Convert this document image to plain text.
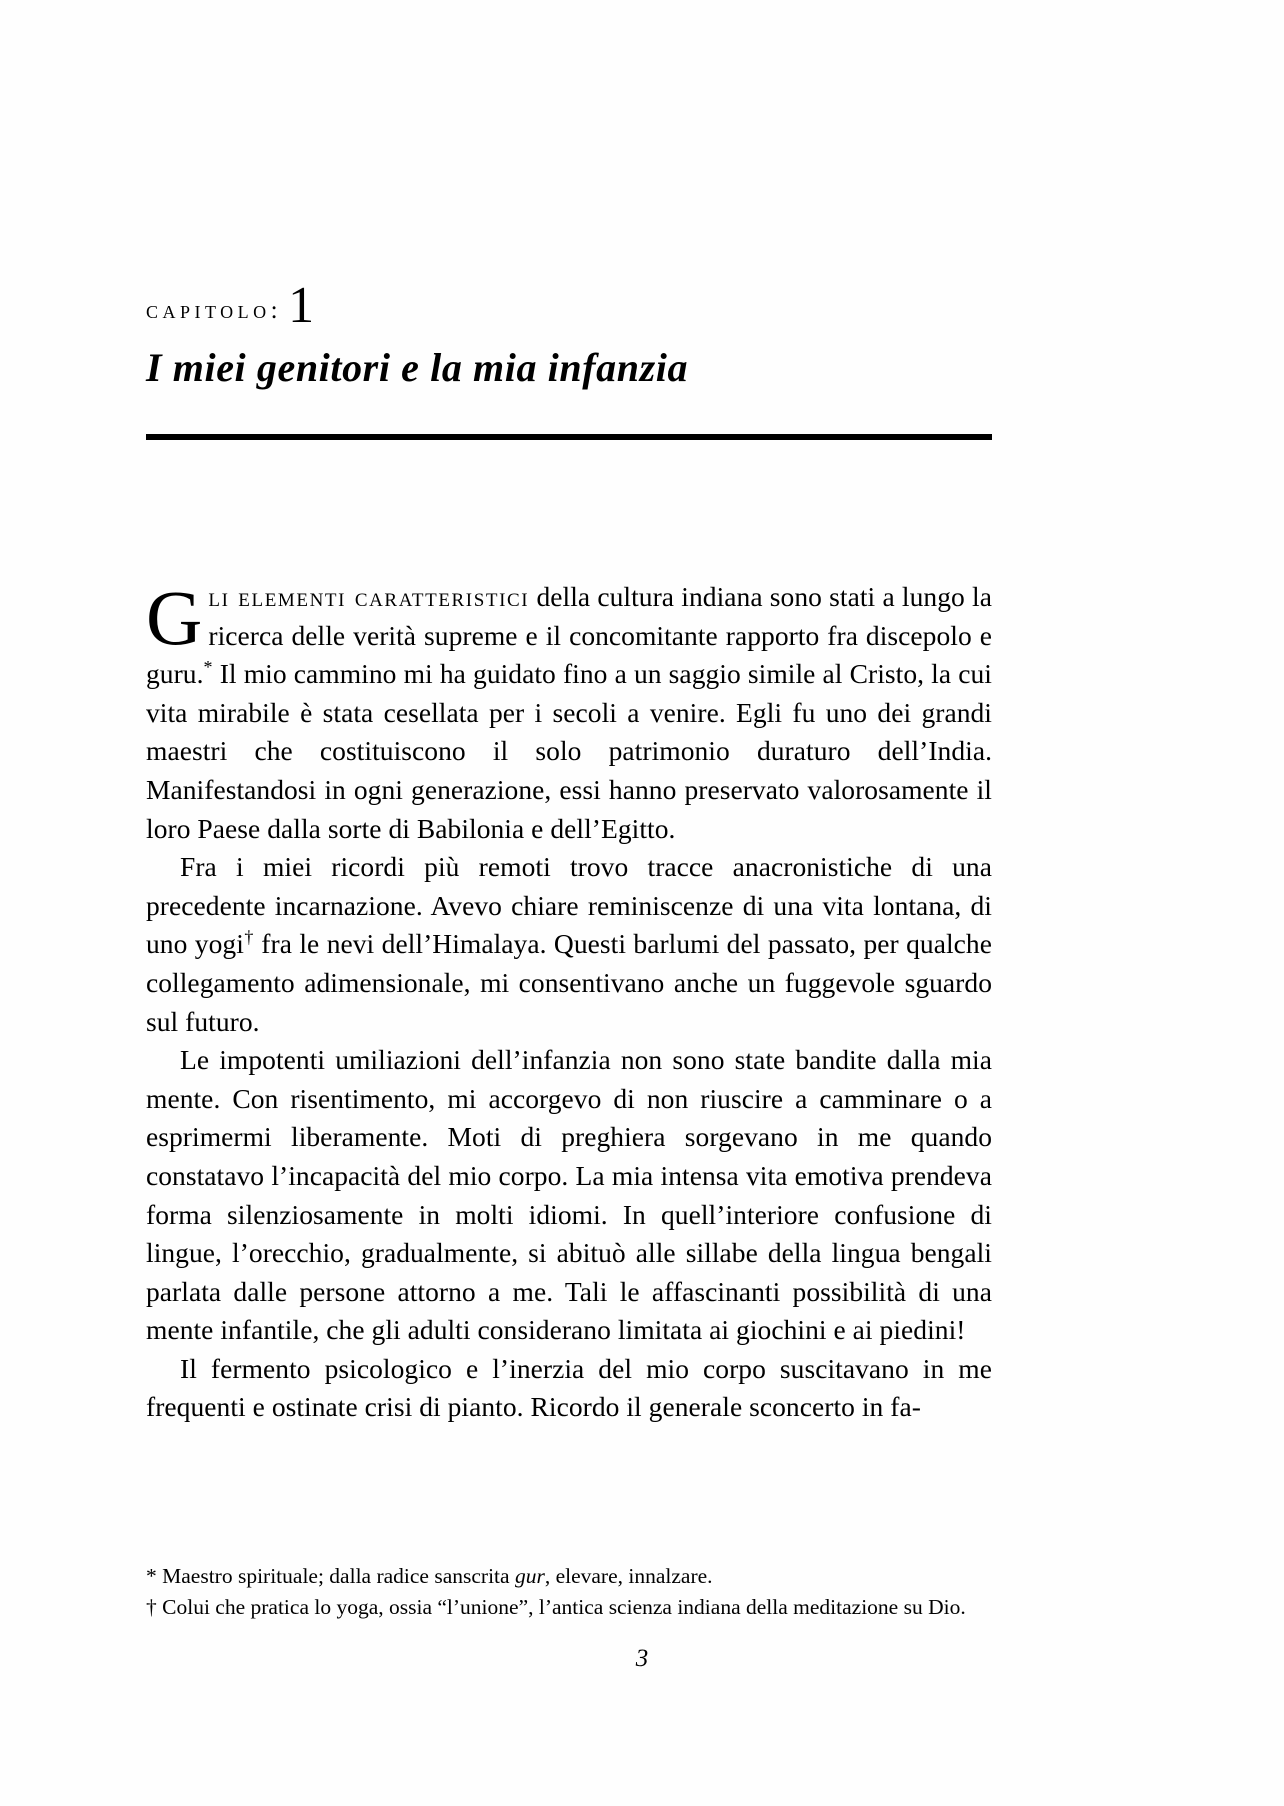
capitolo: 1
I miei genitori e la mia infanzia

Gli elementi caratteristici della cultura indiana sono stati a lungo la ricerca delle verità supreme e il concomitante rapporto fra discepolo e guru.* Il mio cammino mi ha guidato fino a un saggio simile al Cristo, la cui vita mirabile è stata cesellata per i secoli a venire. Egli fu uno dei grandi maestri che costituiscono il solo patrimonio duraturo dell’India. Manifestandosi in ogni generazione, essi hanno preservato valorosamente il loro Paese dalla sorte di Babilonia e dell’Egitto.

Fra i miei ricordi più remoti trovo tracce anacronistiche di una precedente incarnazione. Avevo chiare reminiscenze di una vita lontana, di uno yogi† fra le nevi dell’Himalaya. Questi barlumi del passato, per qualche collegamento adimensionale, mi consentivano anche un fuggevole sguardo sul futuro.

Le impotenti umiliazioni dell’infanzia non sono state bandite dalla mia mente. Con risentimento, mi accorgevo di non riuscire a camminare o a esprimermi liberamente. Moti di preghiera sorgevano in me quando constatavo l’incapacità del mio corpo. La mia intensa vita emotiva prendeva forma silenziosamente in molti idiomi. In quell’interiore confusione di lingue, l’orecchio, gradualmente, si abituò alle sillabe della lingua bengali parlata dalle persone attorno a me. Tali le affascinanti possibilità di una mente infantile, che gli adulti considerano limitata ai giochini e ai piedini!

Il fermento psicologico e l’inerzia del mio corpo suscitavano in me frequenti e ostinate crisi di pianto. Ricordo il generale sconcerto in fa-

* Maestro spirituale; dalla radice sanscrita gur, elevare, innalzare.

† Colui che pratica lo yoga, ossia “l’unione”, l’antica scienza indiana della meditazione su Dio.

3
